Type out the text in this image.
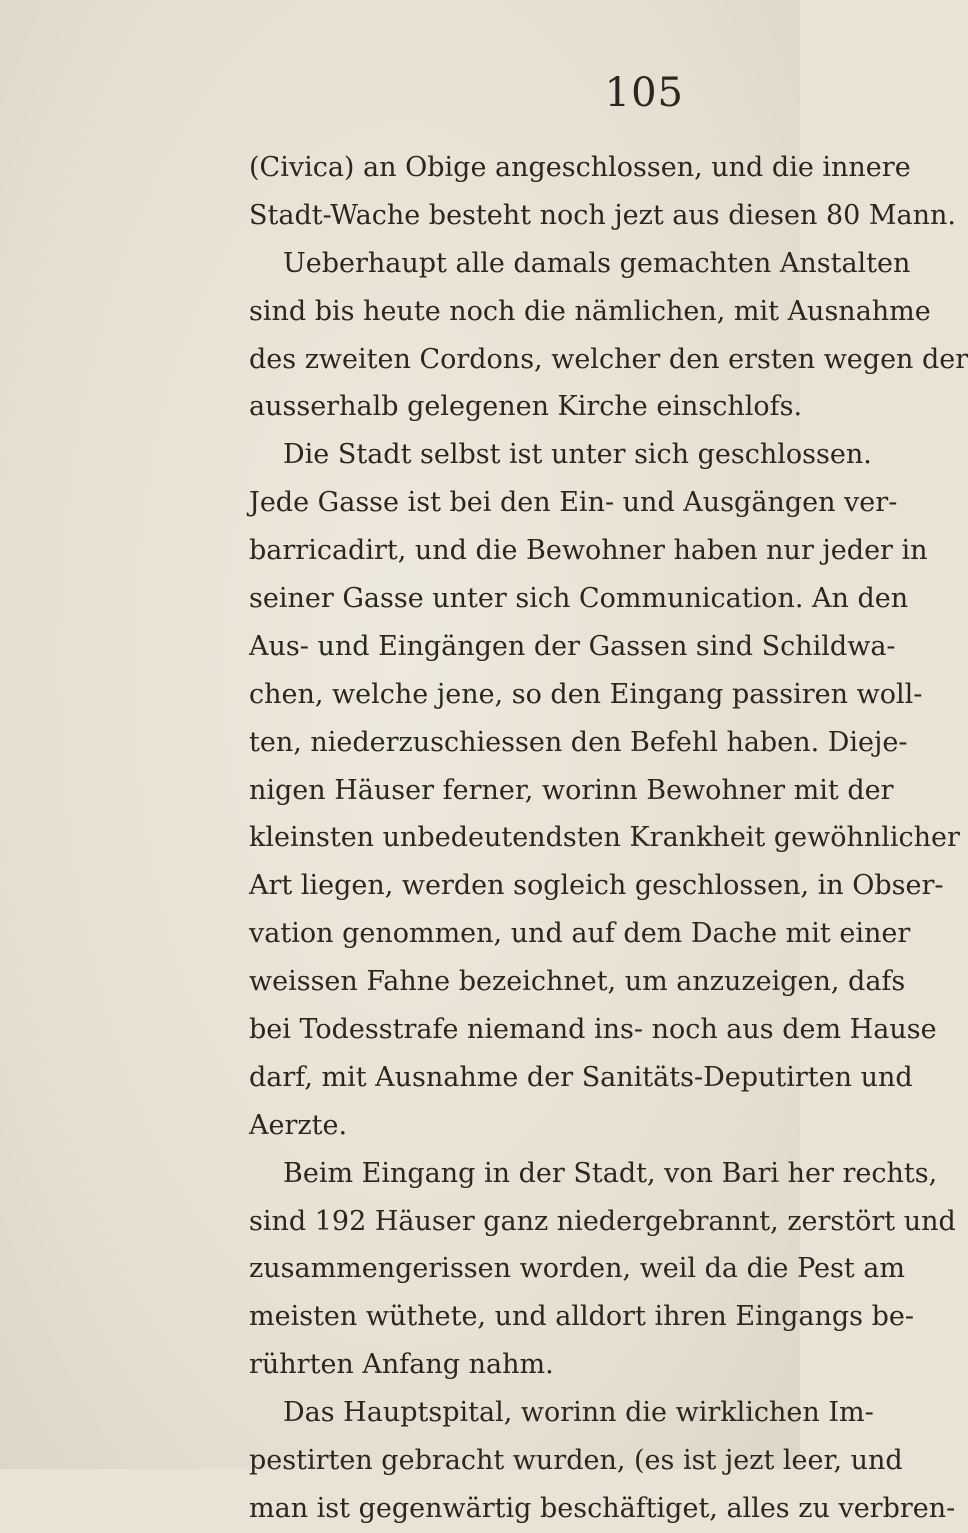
105
(Civica) an Obige angeschlossen, und die innere
Stadt-Wache besteht noch jezt aus diesen 80 Mann.
Ueberhaupt alle damals gemachten Anstalten
sind bis heute noch die nämlichen, mit Ausnahme
des zweiten Cordons, welcher den ersten wegen der
ausserhalb gelegenen Kirche einschlofs.
Die Stadt selbst ist unter sich geschlossen.
Jede Gasse ist bei den Ein- und Ausgängen ver-
barricadirt, und die Bewohner haben nur jeder in
seiner Gasse unter sich Communication. An den
Aus- und Eingängen der Gassen sind Schildwa-
chen, welche jene, so den Eingang passiren woll-
ten, niederzuschiessen den Befehl haben. Dieje-
nigen Häuser ferner, worinn Bewohner mit der
kleinsten unbedeutendsten Krankheit gewöhnlicher
Art liegen, werden sogleich geschlossen, in Obser-
vation genommen, und auf dem Dache mit einer
weissen Fahne bezeichnet, um anzuzeigen, dafs
bei Todesstrafe niemand ins- noch aus dem Hause
darf, mit Ausnahme der Sanitäts-Deputirten und
Aerzte.
Beim Eingang in der Stadt, von Bari her rechts,
sind 192 Häuser ganz niedergebrannt, zerstört und
zusammengerissen worden, weil da die Pest am
meisten wüthete, und alldort ihren Eingangs be-
rührten Anfang nahm.
Das Hauptspital, worinn die wirklichen Im-
pestirten gebracht wurden, (es ist jezt leer, und
man ist gegenwärtig beschäftiget, alles zu verbren-
